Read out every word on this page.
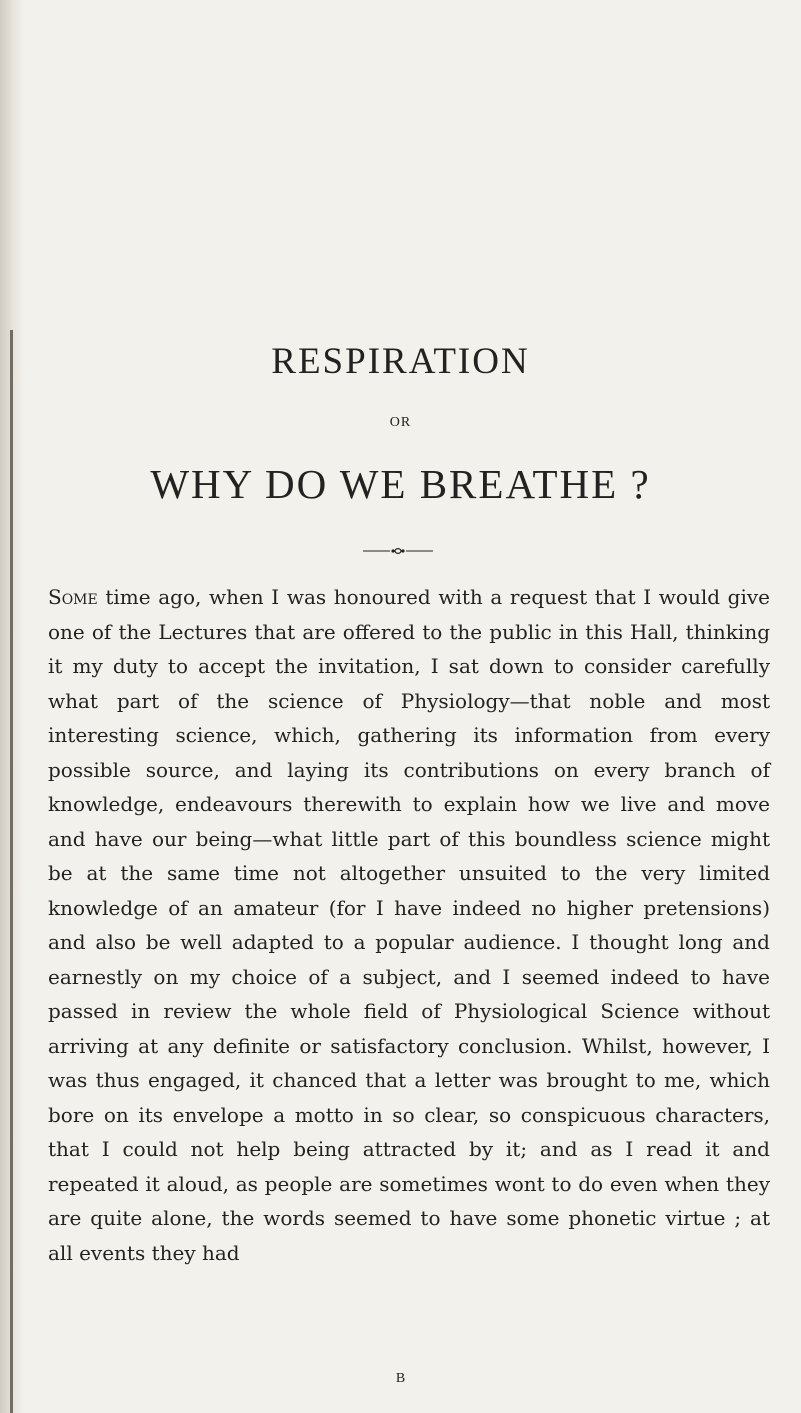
RESPIRATION
OR
WHY DO WE BREATHE ?

Some time ago, when I was honoured with a request that I would give one of the Lectures that are offered to the public in this Hall, thinking it my duty to accept the invitation, I sat down to consider carefully what part of the science of Physiology—that noble and most interesting science, which, gathering its information from every possible source, and laying its contributions on every branch of knowledge, endeavours therewith to explain how we live and move and have our being—what little part of this boundless science might be at the same time not altogether unsuited to the very limited knowledge of an amateur (for I have indeed no higher pretensions) and also be well adapted to a popular audience. I thought long and earnestly on my choice of a subject, and I seemed indeed to have passed in review the whole field of Physiological Science without arriving at any definite or satisfactory conclusion. Whilst, however, I was thus engaged, it chanced that a letter was brought to me, which bore on its envelope a motto in so clear, so conspicuous characters, that I could not help being attracted by it; and as I read it and repeated it aloud, as people are sometimes wont to do even when they are quite alone, the words seemed to have some phonetic virtue ; at all events they had

B
